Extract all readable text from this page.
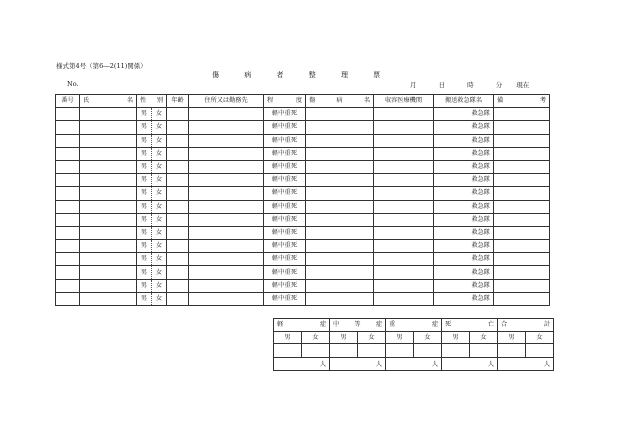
様式第4号（第6―2(11)関係）
傷	病	者	整	理	票
No.	月	日	時	分 現在
番号	氏 名	性 別		年齢	住所又は勤務先	程 度	傷 病 名	収容医療機関	搬送救急隊名	備 考

		男	女			軽中重死			救急隊	
		男	女			軽中重死			救急隊	
		男	女			軽中重死			救急隊	
		男	女			軽中重死			救急隊	
		男	女			軽中重死			救急隊	
		男	女			軽中重死			救急隊	
		男	女			軽中重死			救急隊	
		男	女			軽中重死			救急隊	
		男	女			軽中重死			救急隊	
		男	女			軽中重死			救急隊	
		男	女			軽中重死			救急隊	
		男	女			軽中重死			救急隊	
		男	女			軽中重死			救急隊	
		男	女			軽中重死			救急隊	
		男	女			軽中重死			救急隊	
軽 症		中 等 症		重 症		死 亡		合 計	

男	女	男	女	男	女	男	女	男	女

人		人		人		人		人	
